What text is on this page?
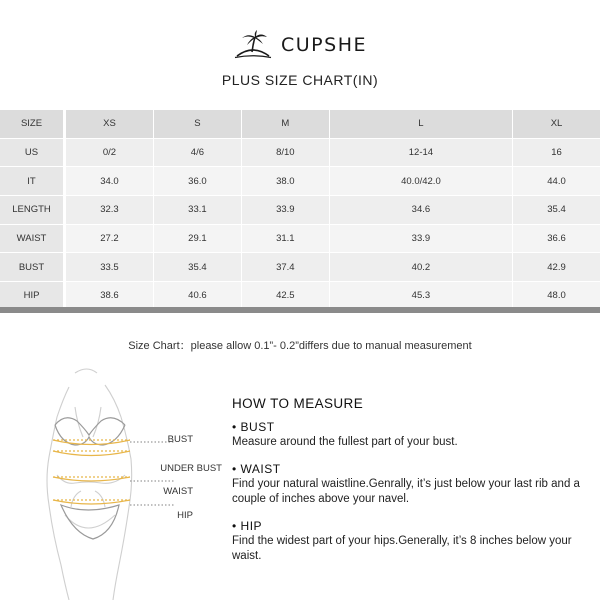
CUPSHE
PLUS SIZE CHART(IN)
SIZE	XS	S	M	L	XL
US	0/2	4/6	8/10	12-14	16
IT	34.0	36.0	38.0	40.0/42.0	44.0
LENGTH	32.3	33.1	33.9	34.6	35.4
WAIST	27.2	29.1	31.1	33.9	36.6
BUST	33.5	35.4	37.4	40.2	42.9
HIP	38.6	40.6	42.5	45.3	48.0
Size Chart：please allow 0.1”- 0.2”differs due to manual measurement
BUST
UNDER BUST
WAIST
HIP
HOW TO MEASURE
• BUST
Measure around the fullest part of your bust.
• WAIST
Find your natural waistline.Genrally, it’s just below your last rib and a couple of inches above your navel.
• HIP
Find the widest part of your hips.Generally, it’s 8 inches below your waist.
